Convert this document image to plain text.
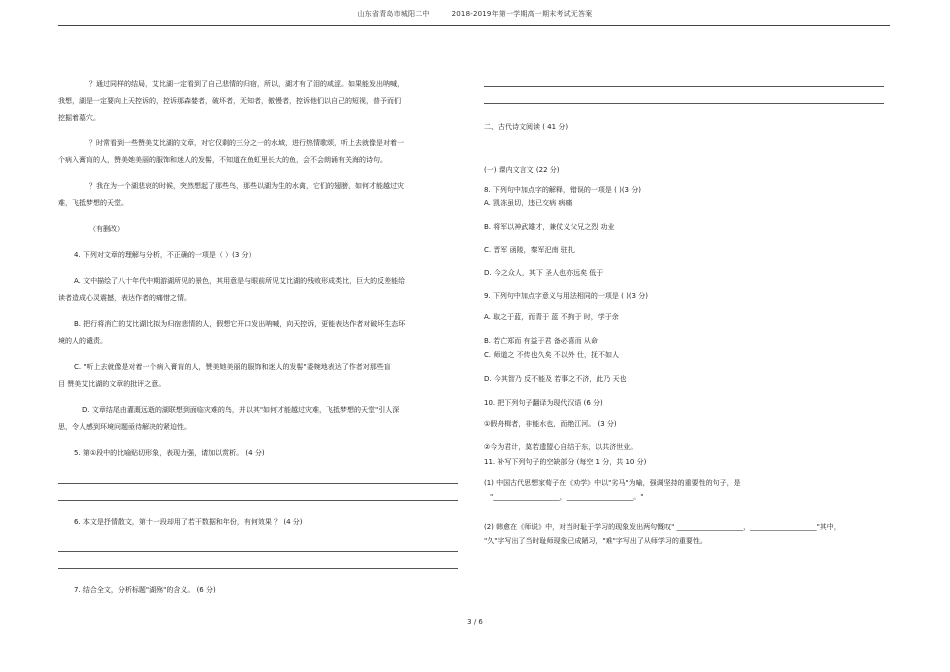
山东省青岛市城阳二中	2018-2019年第一学期高一期末考试无答案
？通过同样的结局，艾比湖一定看到了自己悲情的归宿，所以，湖才有了泪的咸涩。如果能发出呐喊，
我想，湖是一定要向上天控诉的，控诉那森婪者，破坏者，无知者，傲慢者，控诉他们以自己的短视，普予而们
挖掘着墓穴。
？时常看到一些赞美艾比湖的文章，对它仅剩的三分之一的水域，进行热情歌颂，听上去就像是对着一
个病入膏肓的人，赞美她美丽的服饰和迷人的发髻，不知道在鱼虹里长大的鱼，会不会朗诵有关海的诗句。
？我在为一个湖悲哀的时候，突然想起了那些鸟，那些以湖为生的水禽，它们的翅膀，如何才能越过灾
难，飞抵梦想的天堂。
（有删改）
4. 下列对文章的理解与分析，不正确的一项是（ ）(3 分）
A. 文中描绘了八十年代中期游湖所见的景色，其用意是与眼前所见艾比湖的残败形成类比，巨大的反差能给
读者造成心灵震撼，表达作者的痛惜之情。
B. 把行将消亡的艾比湖比拟为归宿悲情的人，假想它开口发出呐喊，向天控诉，更能表达作者对破坏生态环
境的人的谴责。
C. "听上去就像是对着一个病入膏肓的人，赞美她美丽的服饰和迷人的发髻"委婉地表达了作者对那些盲
目 赞美艾比湖的文章的批评之意。
D. 文章结尾由灌溉远逝的湖联想到面临灾难的鸟，并以其"如何才能越过灾难，飞抵梦想的天堂"引人深
思，令人感到环境问题亟待解决的紧迫性。
5. 第①段中的比喻贴切形象，表现力强，请加以赏析。 (4 分)
6. 本文是抒情散文，第十一段却用了若干数据和年份，有何效果 ？ (4 分)
7. 结合全文，分析标题"湖殇"的含义。 (6 分)
二、古代诗文阅读 ( 41 分)
(一) 课内文言文 (22 分)
8. 下列句中加点字的解释，错误的一项是 ( )(3 分)
A. 凯冻虽切，违已交病 病痛
B. 将军以神武雄才，兼仗义父兄之烈 功业
C. 晋军 函陵，秦军汜南 驻扎
D. 今之众人，其下 圣人也亦远矣 低于
9. 下列句中加点字意义与用法相同的一项是 ( )(3 分)
A. 取之于蓝，而青于 蓝 不拘于 时，学于余
B. 若亡郑而 有益于君 备必喜而 从命
C. 师道之 不传也久矣 不以外 仕，抚不如人
D. 今其智乃 反不能及 若事之不济，此乃 天也
10. 把下列句子翻译为现代汉语 (6 分)
①假舟楫者，非能水也，而绝江河。 (3 分)
②今为君计，莫若遗盟心自结于东，以共济世业。
11. 补写下列句子的空缺部分 (每空 1 分，共 10 分)
(1) 中国古代思想家荀子在《劝学》中以"劣马"为喻，强调坚持的重要性的句子，是
"___________________，___________________。"
(2) 韩愈在《师说》中，对当时耻于学习的现象发出两句慨叹" ___________________，___________________"其中，
"久"字写出了当时耻师现象已成陋习，"难"字写出了从师学习的重要性。
3 / 6
